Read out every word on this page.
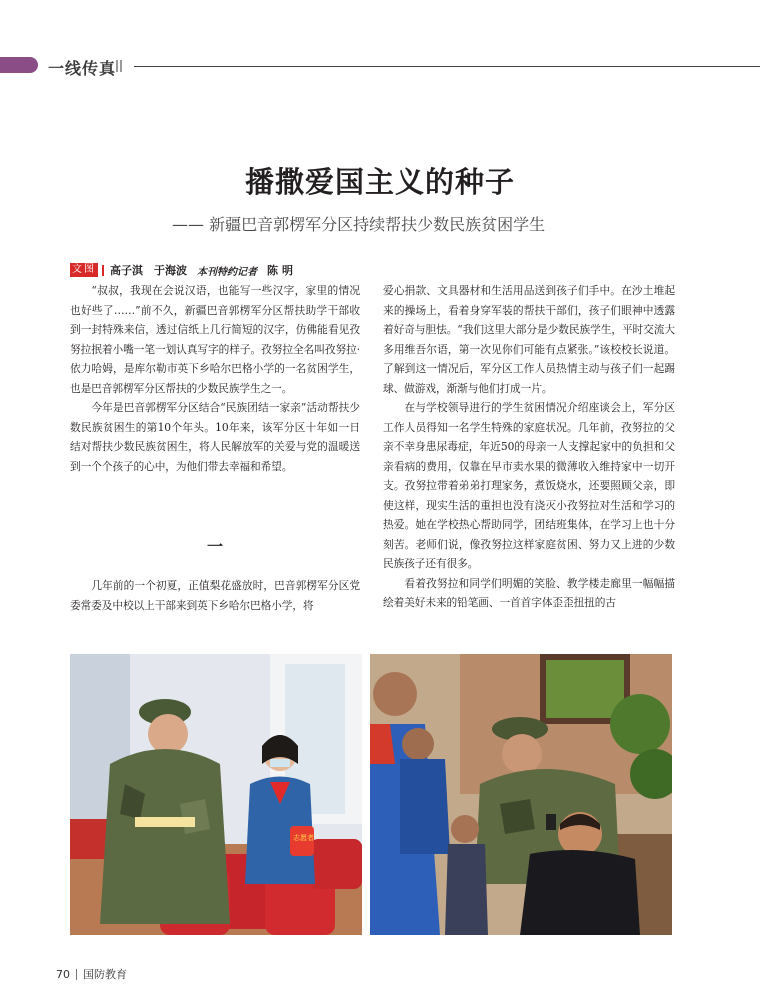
一线传真
播撒爱国主义的种子
—— 新疆巴音郭楞军分区持续帮扶少数民族贫困学生
文图 高子淇　于海波 本刊特约记者 陈明

“叔叔，我现在会说汉语，也能写一些汉字，家里的情况也好些了……”前不久，新疆巴音郭楞军分区帮扶助学干部收到一封特殊来信，透过信纸上几行简短的汉字，仿佛能看见孜努拉抿着小嘴一笔一划认真写字的样子。孜努拉全名叫孜努拉·依力哈姆，是库尔勒市英下乡哈尔巴格小学的一名贫困学生，也是巴音郭楞军分区帮扶的少数民族学生之一。

今年是巴音郭楞军分区结合“民族团结一家亲”活动帮扶少数民族贫困生的第10个年头。10年来，该军分区十年如一日结对帮扶少数民族贫困生，将人民解放军的关爱与党的温暖送到一个个孩子的心中，为他们带去幸福和希望。

一

几年前的一个初夏，正值梨花盛放时，巴音郭楞军分区党委常委及中校以上干部来到英下乡哈尔巴格小学，将

爱心捐款、文具器材和生活用品送到孩子们手中。在沙土堆起来的操场上，看着身穿军装的帮扶干部们，孩子们眼神中透露着好奇与胆怯。“我们这里大部分是少数民族学生，平时交流大多用维吾尔语，第一次见你们可能有点紧张。”该校校长说道。了解到这一情况后，军分区工作人员热情主动与孩子们一起踢球、做游戏，渐渐与他们打成一片。

在与学校领导进行的学生贫困情况介绍座谈会上，军分区工作人员得知一名学生特殊的家庭状况。几年前，孜努拉的父亲不幸身患尿毒症，年近50的母亲一人支撑起家中的负担和父亲看病的费用，仅靠在早市卖水果的微薄收入维持家中一切开支。孜努拉带着弟弟打理家务，煮饭烧水，还要照顾父亲，即使这样，现实生活的重担也没有浇灭小孜努拉对生活和学习的热爱。她在学校热心帮助同学，团结班集体，在学习上也十分刻苦。老师们说，像孜努拉这样家庭贫困、努力又上进的少数民族孩子还有很多。

看着孜努拉和同学们明媚的笑脸、教学楼走廊里一幅幅描绘着美好未来的铅笔画、一首首字体歪歪扭扭的古

志愿者
70 国防教育
